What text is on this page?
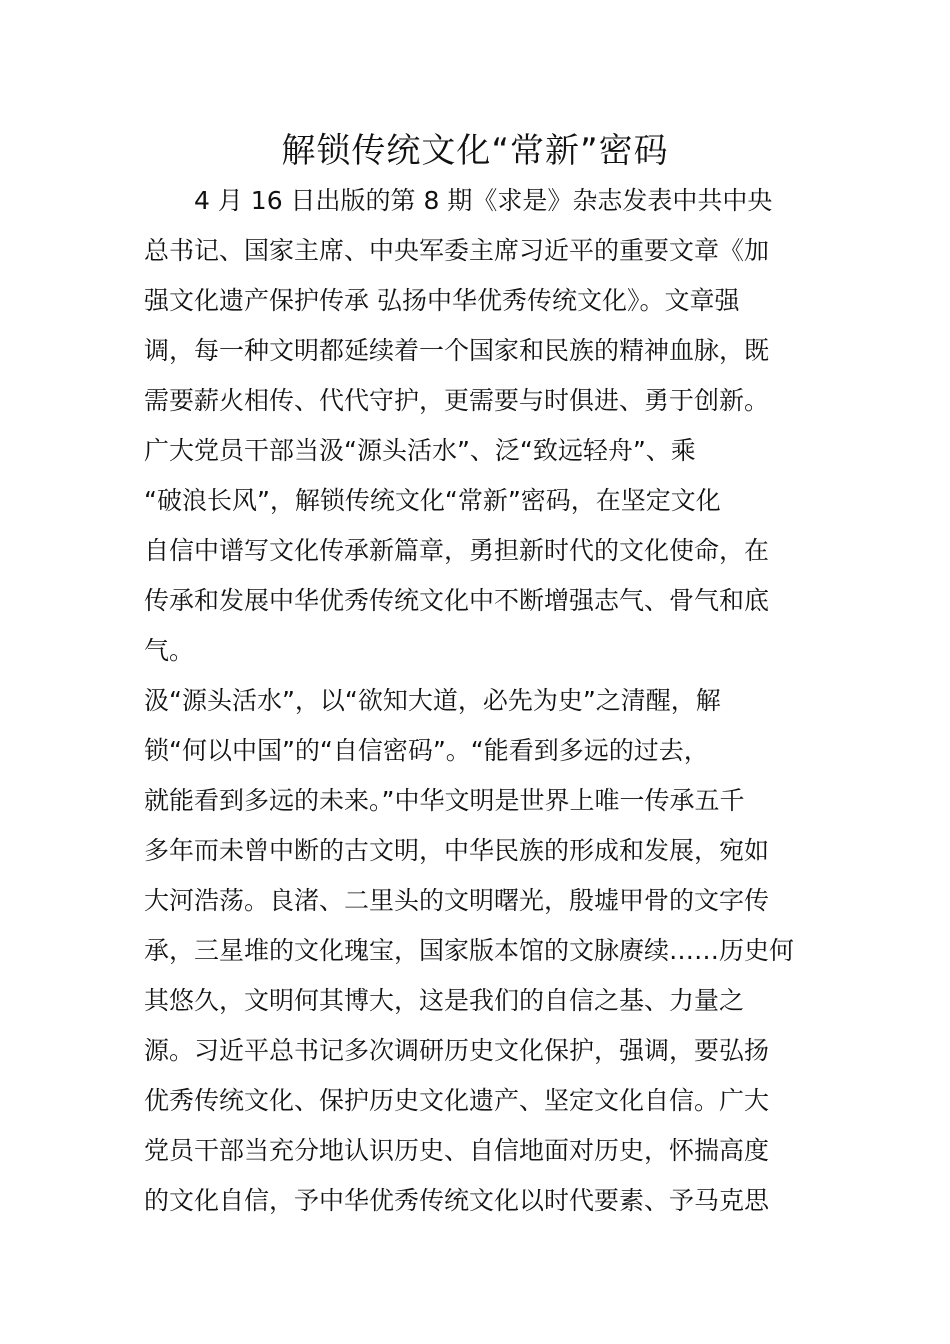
解锁传统文化“常新”密码

　　4 月 16 日出版的第 8 期《求是》杂志发表中共中央

总书记、国家主席、中央军委主席习近平的重要文章《加

强文化遗产保护传承 弘扬中华优秀传统文化》。文章强

调，每一种文明都延续着一个国家和民族的精神血脉，既

需要薪火相传、代代守护，更需要与时俱进、勇于创新。

广大党员干部当汲“源头活水”、泛“致远轻舟”、乘

“破浪长风”，解锁传统文化“常新”密码，在坚定文化

自信中谱写文化传承新篇章，勇担新时代的文化使命，在

传承和发展中华优秀传统文化中不断增强志气、骨气和底

气。

汲“源头活水”，以“欲知大道，必先为史”之清醒，解

锁“何以中国”的“自信密码”。“能看到多远的过去，

就能看到多远的未来。”中华文明是世界上唯一传承五千

多年而未曾中断的古文明，中华民族的形成和发展，宛如

大河浩荡。良渚、二里头的文明曙光，殷墟甲骨的文字传

承，三星堆的文化瑰宝，国家版本馆的文脉赓续……历史何

其悠久，文明何其博大，这是我们的自信之基、力量之

源。习近平总书记多次调研历史文化保护，强调，要弘扬

优秀传统文化、保护历史文化遗产、坚定文化自信。广大

党员干部当充分地认识历史、自信地面对历史，怀揣高度

的文化自信，予中华优秀传统文化以时代要素、予马克思
